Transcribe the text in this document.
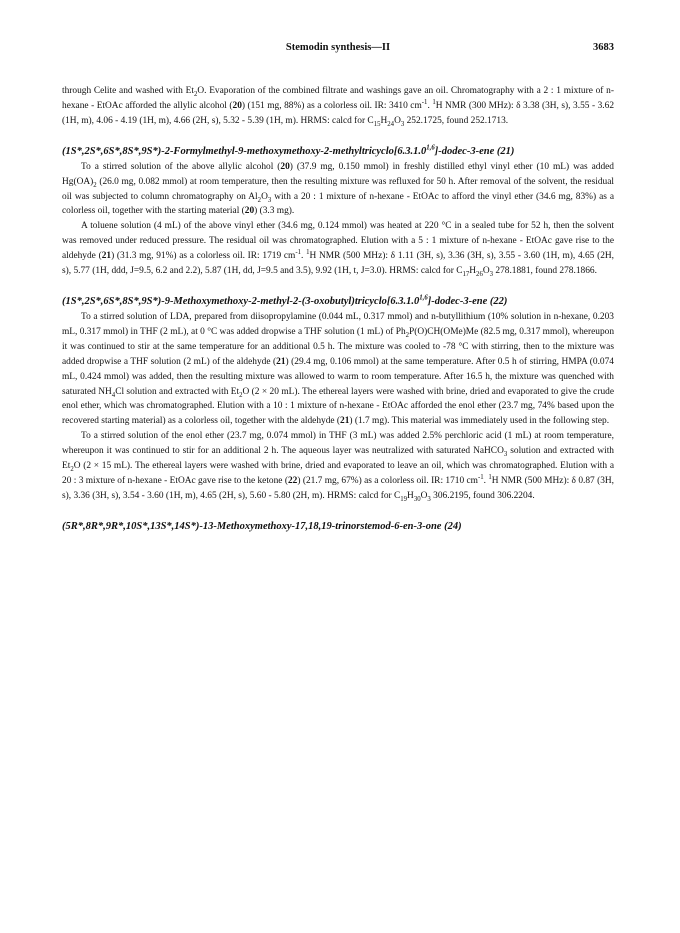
Stemodin synthesis—II	3683

through Celite and washed with $Et_2O$. Evaporation of the combined filtrate and washings gave an oil. Chromatography with a 2 : 1 mixture of n-hexane - EtOAc afforded the allylic alcohol (20) (151 mg, 88%) as a colorless oil. IR: 3410 $cm^{-1}$. $^1$H NMR (300 MHz): δ 3.38 (3H, s), 3.55 - 3.62 (1H, m), 4.06 - 4.19 (1H, m), 4.66 (2H, s), 5.32 - 5.39 (1H, m). HRMS: calcd for $C_{15}H_{24}O_3$ 252.1725, found 252.1713.

(1S*,2S*,6S*,8S*,9S*)-2-Formylmethyl-9-methoxymethoxy-2-methyltricyclo[6.3.1.0$^{1,6}$]-dodec-3-ene (21)

To a stirred solution of the above allylic alcohol (20) (37.9 mg, 0.150 mmol) in freshly distilled ethyl vinyl ether (10 mL) was added $Hg(OA)_2$ (26.0 mg, 0.082 mmol) at room temperature, then the resulting mixture was refluxed for 50 h. After removal of the solvent, the residual oil was subjected to column chromatography on $Al_2O_3$ with a 20 : 1 mixture of n-hexane - EtOAc to afford the vinyl ether (34.6 mg, 83%) as a colorless oil, together with the starting material (20) (3.3 mg).

A toluene solution (4 mL) of the above vinyl ether (34.6 mg, 0.124 mmol) was heated at 220 °C in a sealed tube for 52 h, then the solvent was removed under reduced pressure. The residual oil was chromatographed. Elution with a 5 : 1 mixture of n-hexane - EtOAc gave rise to the aldehyde (21) (31.3 mg, 91%) as a colorless oil. IR: 1719 $cm^{-1}$. $^1$H NMR (500 MHz): δ 1.11 (3H, s), 3.36 (3H, s), 3.55 - 3.60 (1H, m), 4.65 (2H, s), 5.77 (1H, ddd, J=9.5, 6.2 and 2.2), 5.87 (1H, dd, J=9.5 and 3.5), 9.92 (1H, t, J=3.0). HRMS: calcd for $C_{17}H_{26}O_3$ 278.1881, found 278.1866.

(1S*,2S*,6S*,8S*,9S*)-9-Methoxymethoxy-2-methyl-2-(3-oxobutyl)tricyclo[6.3.1.0$^{1,6}$]-dodec-3-ene (22)

To a stirred solution of LDA, prepared from diisopropylamine (0.044 mL, 0.317 mmol) and n-butyllithium (10% solution in n-hexane, 0.203 mL, 0.317 mmol) in THF (2 mL), at 0 °C was added dropwise a THF solution (1 mL) of $Ph_2P(O)CH(OMe)Me$ (82.5 mg, 0.317 mmol), whereupon it was continued to stir at the same temperature for an additional 0.5 h. The mixture was cooled to -78 °C with stirring, then to the mixture was added dropwise a THF solution (2 mL) of the aldehyde (21) (29.4 mg, 0.106 mmol) at the same temperature. After 0.5 h of stirring, HMPA (0.074 mL, 0.424 mmol) was added, then the resulting mixture was allowed to warm to room temperature. After 16.5 h, the mixture was quenched with saturated $NH_4Cl$ solution and extracted with $Et_2O$ (2 × 20 mL). The ethereal layers were washed with brine, dried and evaporated to give the crude enol ether, which was chromatographed. Elution with a 10 : 1 mixture of n-hexane - EtOAc afforded the enol ether (23.7 mg, 74% based upon the recovered starting material) as a colorless oil, together with the aldehyde (21) (1.7 mg). This material was immediately used in the following step.

To a stirred solution of the enol ether (23.7 mg, 0.074 mmol) in THF (3 mL) was added 2.5% perchloric acid (1 mL) at room temperature, whereupon it was continued to stir for an additional 2 h. The aqueous layer was neutralized with saturated NaHCO$_3$ solution and extracted with $Et_2O$ (2 × 15 mL). The ethereal layers were washed with brine, dried and evaporated to leave an oil, which was chromatographed. Elution with a 20 : 3 mixture of n-hexane - EtOAc gave rise to the ketone (22) (21.7 mg, 67%) as a colorless oil. IR: 1710 $cm^{-1}$. $^1$H NMR (500 MHz): δ 0.87 (3H, s), 3.36 (3H, s), 3.54 - 3.60 (1H, m), 4.65 (2H, s), 5.60 - 5.80 (2H, m). HRMS: calcd for $C_{19}H_{30}O_3$ 306.2195, found 306.2204.

(5R*,8R*,9R*,10S*,13S*,14S*)-13-Methoxymethoxy-17,18,19-trinorstemod-6-en-3-one (24)
